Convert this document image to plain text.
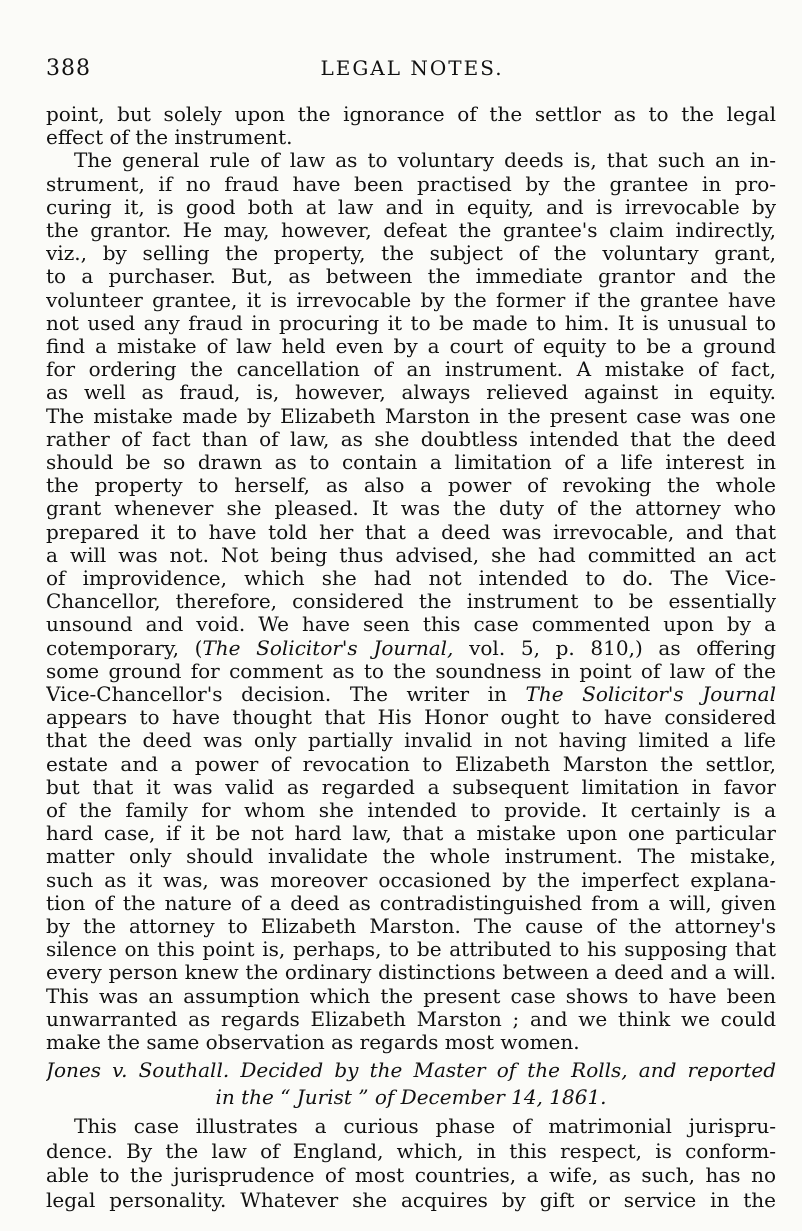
388	LEGAL NOTES.
point, but solely upon the ignorance of the settlor as to the legal
effect of the instrument.
The general rule of law as to voluntary deeds is, that such an in-
strument, if no fraud have been practised by the grantee in pro-
curing it, is good both at law and in equity, and is irrevocable by
the grantor. He may, however, defeat the grantee's claim indirectly,
viz., by selling the property, the subject of the voluntary grant,
to a purchaser. But, as between the immediate grantor and the
volunteer grantee, it is irrevocable by the former if the grantee have
not used any fraud in procuring it to be made to him. It is unusual to
find a mistake of law held even by a court of equity to be a ground
for ordering the cancellation of an instrument. A mistake of fact,
as well as fraud, is, however, always relieved against in equity.
The mistake made by Elizabeth Marston in the present case was one
rather of fact than of law, as she doubtless intended that the deed
should be so drawn as to contain a limitation of a life interest in
the property to herself, as also a power of revoking the whole
grant whenever she pleased. It was the duty of the attorney who
prepared it to have told her that a deed was irrevocable, and that
a will was not. Not being thus advised, she had committed an act
of improvidence, which she had not intended to do. The Vice-
Chancellor, therefore, considered the instrument to be essentially
unsound and void. We have seen this case commented upon by a
cotemporary, (The Solicitor's Journal, vol. 5, p. 810,) as offering
some ground for comment as to the soundness in point of law of the
Vice-Chancellor's decision. The writer in The Solicitor's Journal
appears to have thought that His Honor ought to have considered
that the deed was only partially invalid in not having limited a life
estate and a power of revocation to Elizabeth Marston the settlor,
but that it was valid as regarded a subsequent limitation in favor
of the family for whom she intended to provide. It certainly is a
hard case, if it be not hard law, that a mistake upon one particular
matter only should invalidate the whole instrument. The mistake,
such as it was, was moreover occasioned by the imperfect explana-
tion of the nature of a deed as contradistinguished from a will, given
by the attorney to Elizabeth Marston. The cause of the attorney's
silence on this point is, perhaps, to be attributed to his supposing that
every person knew the ordinary distinctions between a deed and a will.
This was an assumption which the present case shows to have been
unwarranted as regards Elizabeth Marston ; and we think we could
make the same observation as regards most women.
Jones v. Southall. Decided by the Master of the Rolls, and reported
in the “ Jurist ” of December 14, 1861.
This case illustrates a curious phase of matrimonial jurispru-
dence. By the law of England, which, in this respect, is conform-
able to the jurisprudence of most countries, a wife, as such, has no
legal personality. Whatever she acquires by gift or service in the
